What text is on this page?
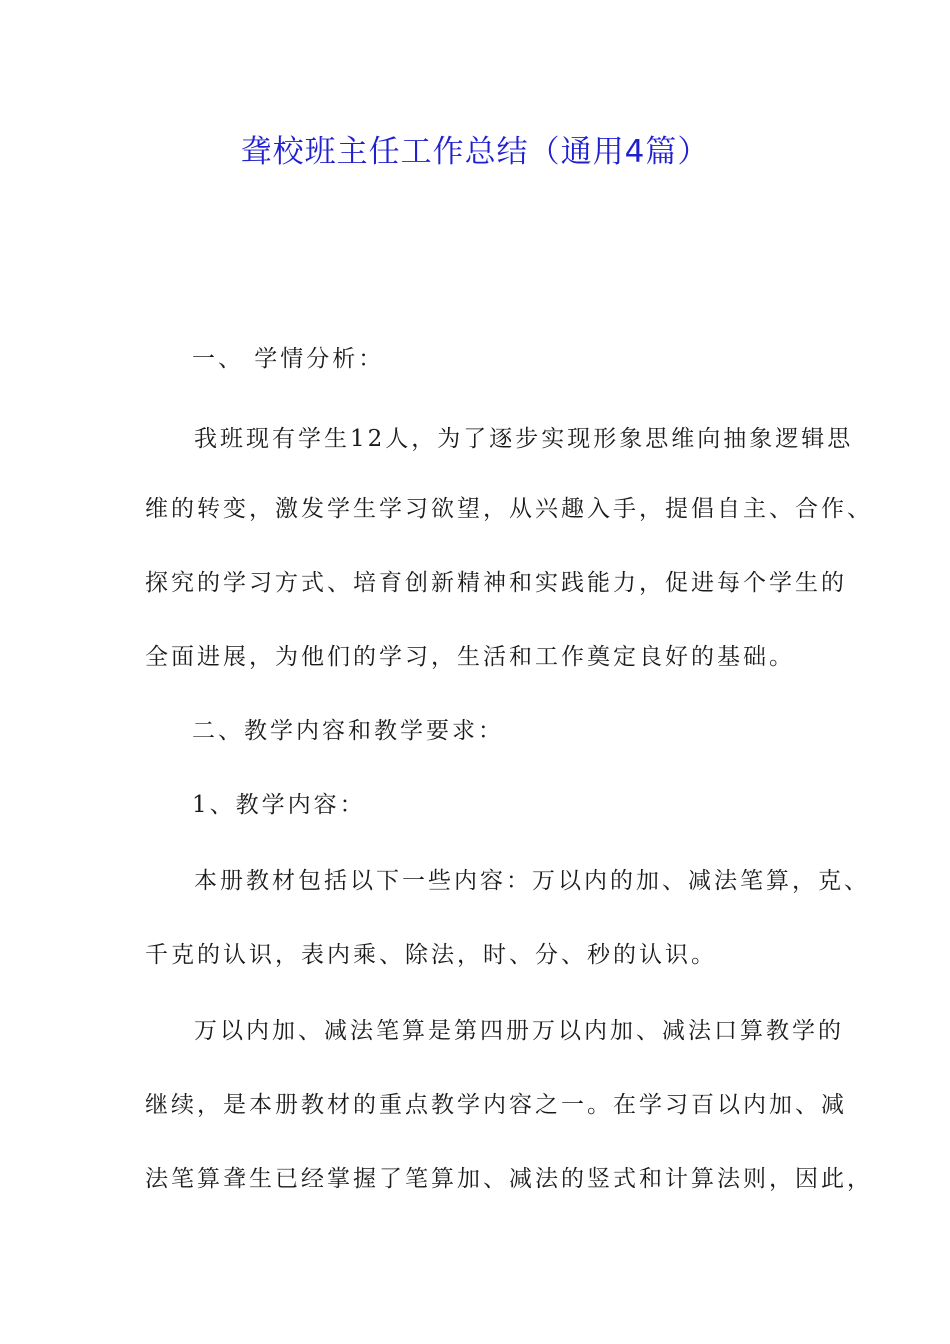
聋校班主任工作总结（通用4篇）
一、 学情分析：
我班现有学生12人，为了逐步实现形象思维向抽象逻辑思
维的转变，激发学生学习欲望，从兴趣入手，提倡自主、合作、
探究的学习方式、培育创新精神和实践能力，促进每个学生的
全面进展，为他们的学习，生活和工作奠定良好的基础。
二、教学内容和教学要求：
1、教学内容：
本册教材包括以下一些内容：万以内的加、减法笔算，克、
千克的认识，表内乘、除法，时、分、秒的认识。
万以内加、减法笔算是第四册万以内加、减法口算教学的
继续，是本册教材的重点教学内容之一。在学习百以内加、减
法笔算聋生已经掌握了笔算加、减法的竖式和计算法则，因此，
